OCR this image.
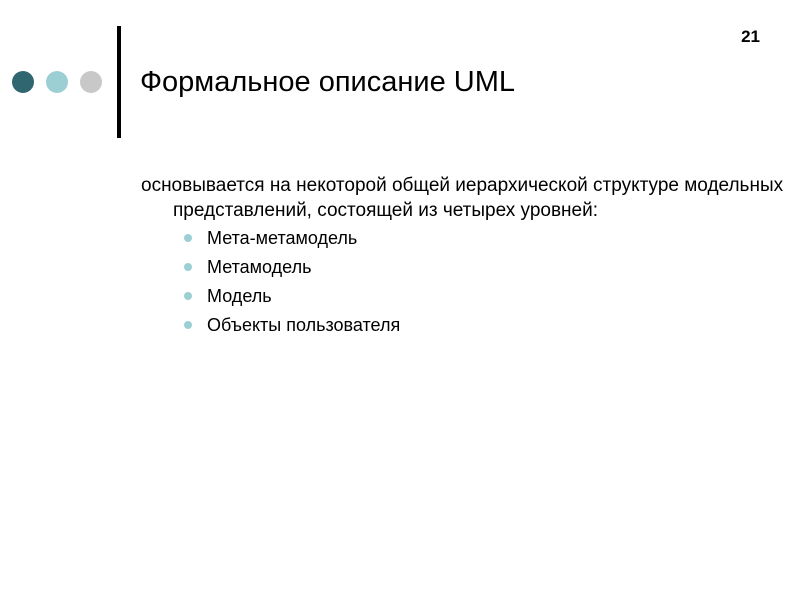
21
Формальное описание UML

основывается на некоторой общей иерархической структуре модельных представлений, состоящей из четырех уровней:

Мета-метамодель
Метамодель
Модель
Объекты пользователя
